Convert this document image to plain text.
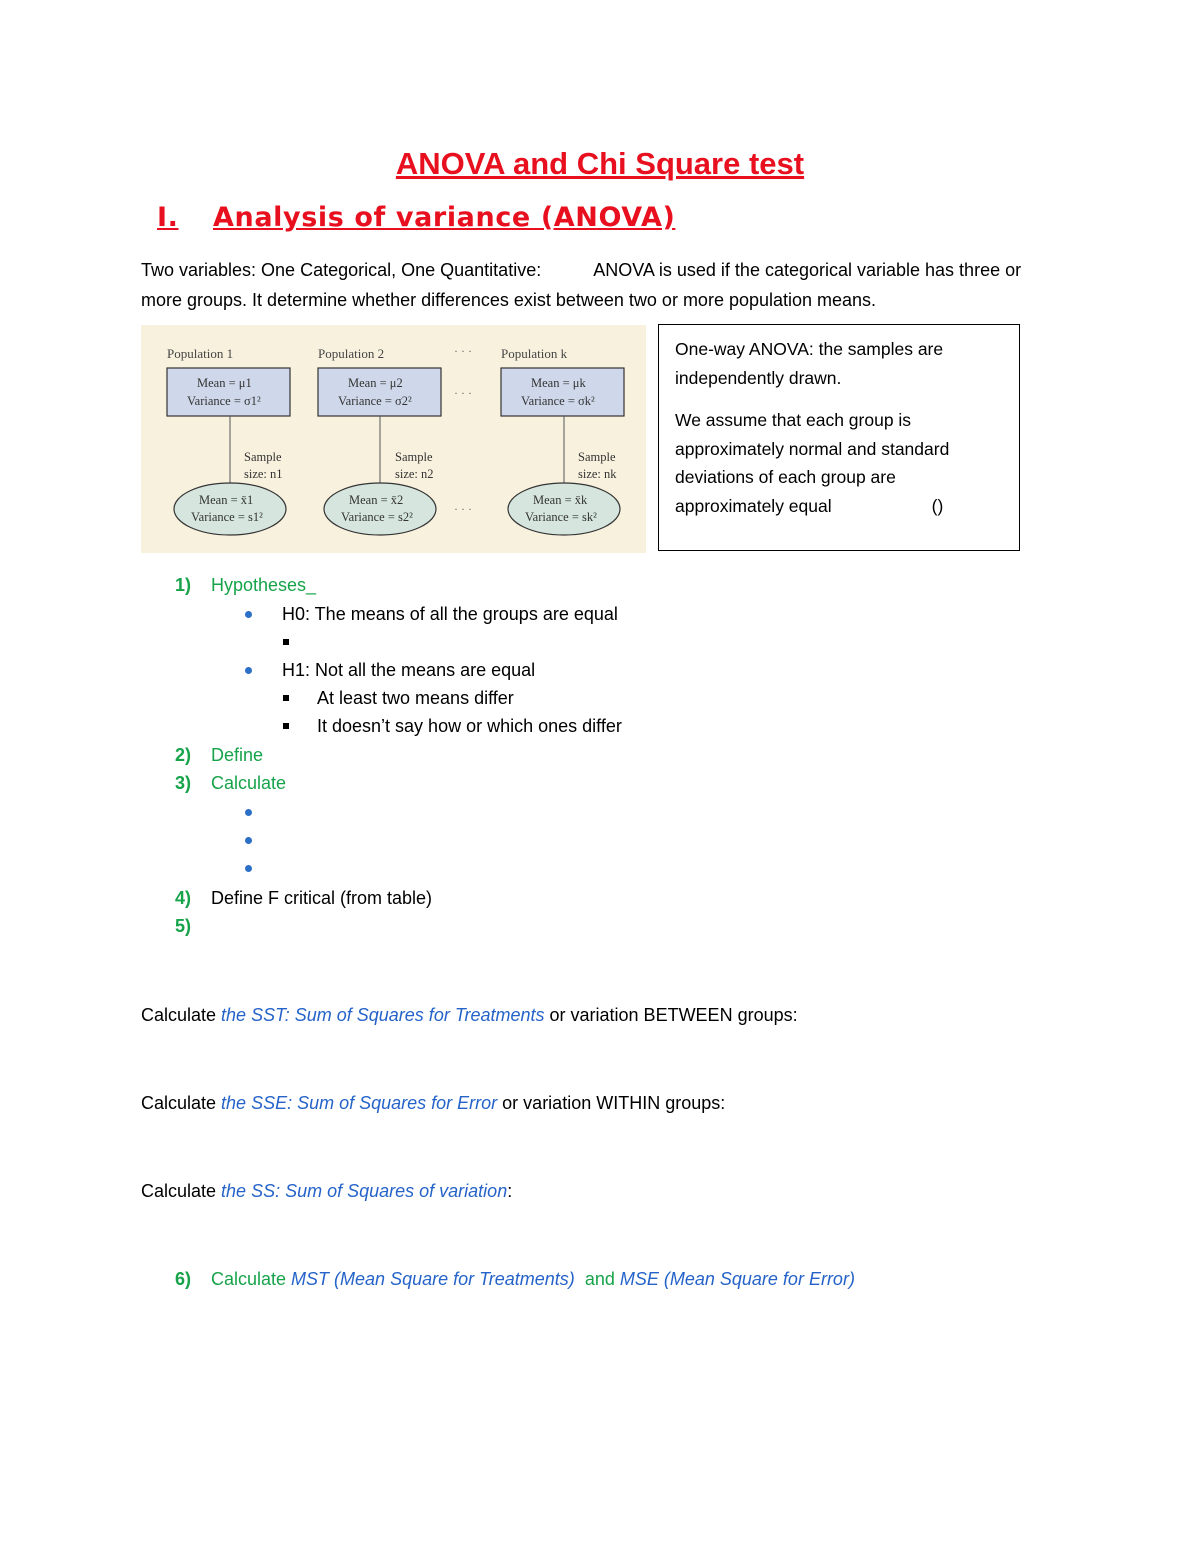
ANOVA and Chi Square test
I. Analysis of variance (ANOVA)
Two variables: One Categorical, One Quantitative:	ANOVA is used if the categorical variable has three or more groups. It determine whether differences exist between two or more population means.
Population 1	Population 2	Population k
· · ·
· · ·
· · ·
Mean = μ1
Variance = σ1²
Mean = μ2
Variance = σ2²
Mean = μk
Variance = σk²
Sample
size: n1
Sample
size: n2
Sample
size: nk
Mean = x̄1
Variance = s1²
Mean = x̄2
Variance = s2²
Mean = x̄k
Variance = sk²

One-way ANOVA: the samples are independently drawn.

We assume that each group is approximately normal and standard deviations of each group are approximately equal	()

1) Hypotheses_
H0: The means of all the groups are equal
H1: Not all the means are equal
At least two means differ
It doesn’t say how or which ones differ
2) Define
3) Calculate
4) Define F critical (from table)
5)
Calculate the SST: Sum of Squares for Treatments or variation BETWEEN groups:
Calculate the SSE: Sum of Squares for Error or variation WITHIN groups:
Calculate the SS: Sum of Squares of variation:
6) Calculate MST (Mean Square for Treatments)  and MSE (Mean Square for Error)
